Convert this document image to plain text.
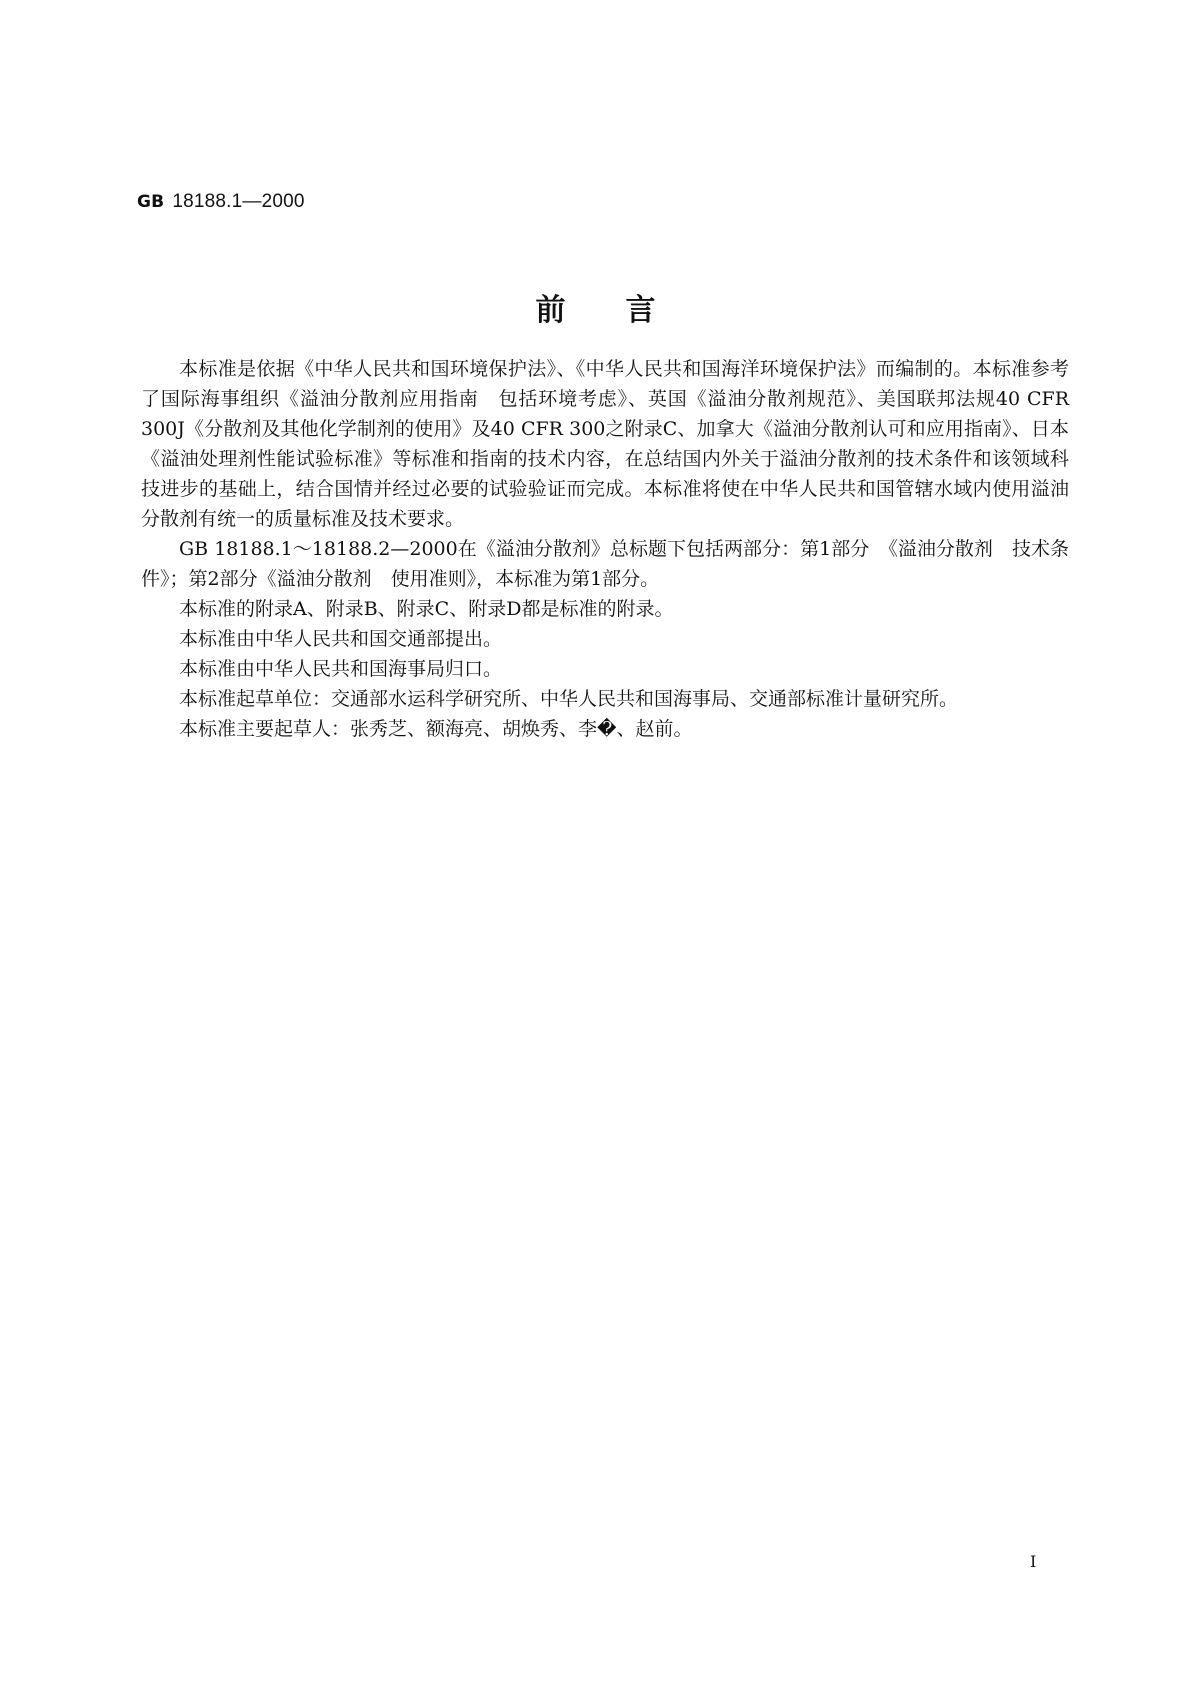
GB 18188.1—2000
前言

本标准是依据《中华人民共和国环境保护法》、《中华人民共和国海洋环境保护法》而编制的。本标准参考了国际海事组织《溢油分散剂应用指南　包括环境考虑》、英国《溢油分散剂规范》、美国联邦法规40 CFR 300J《分散剂及其他化学制剂的使用》及40 CFR 300之附录C、加拿大《溢油分散剂认可和应用指南》、日本《溢油处理剂性能试验标准》等标准和指南的技术内容，在总结国内外关于溢油分散剂的技术条件和该领域科技进步的基础上，结合国情并经过必要的试验验证而完成。本标准将使在中华人民共和国管辖水域内使用溢油分散剂有统一的质量标准及技术要求。

GB 18188.1～18188.2—2000在《溢油分散剂》总标题下包括两部分：第1部分　《溢油分散剂　技术条件》；第2部分《溢油分散剂　使用准则》，本标准为第1部分。

本标准的附录A、附录B、附录C、附录D都是标准的附录。

本标准由中华人民共和国交通部提出。

本标准由中华人民共和国海事局归口。

本标准起草单位：交通部水运科学研究所、中华人民共和国海事局、交通部标准计量研究所。

本标准主要起草人：张秀芝、额海亮、胡焕秀、李�、赵前。

I
